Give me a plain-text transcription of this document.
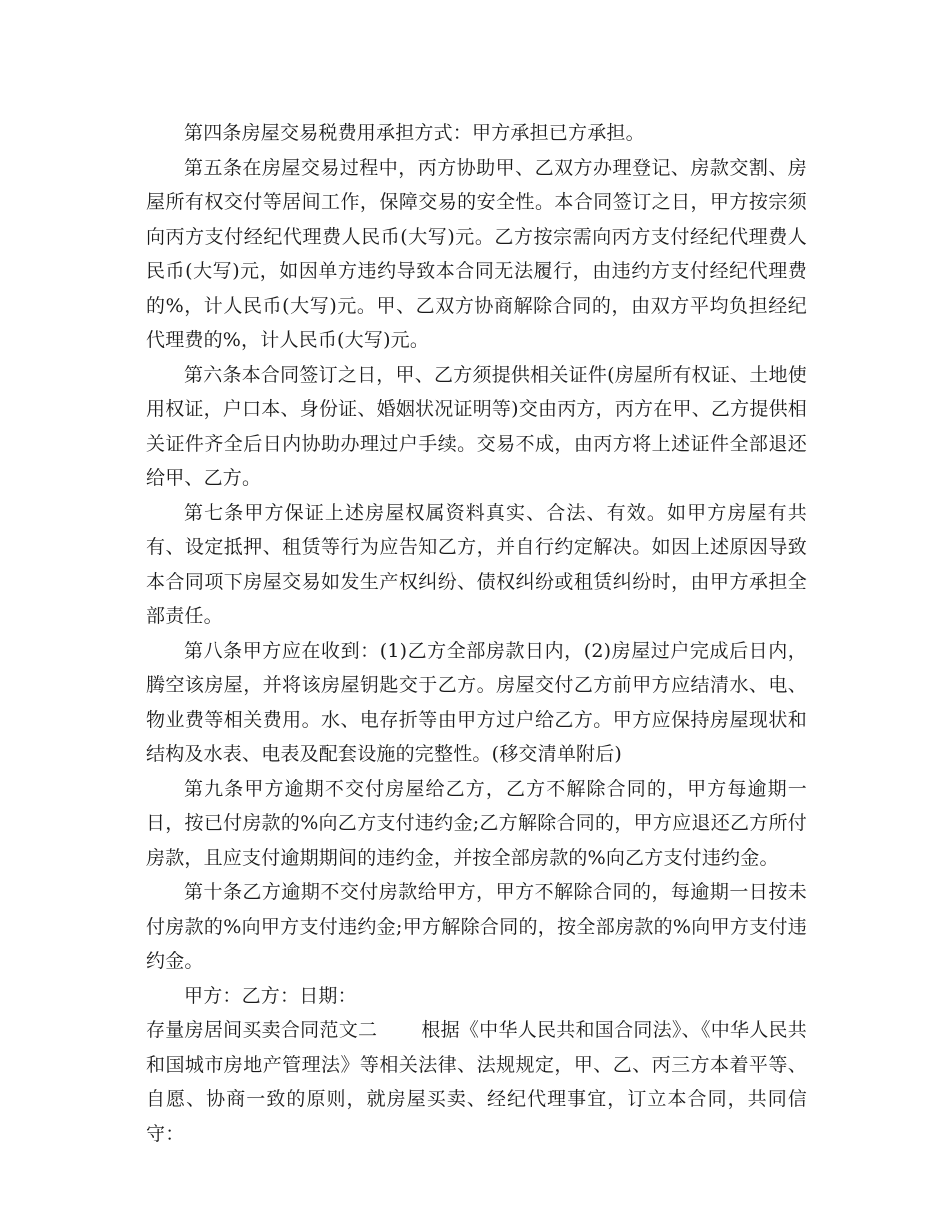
第四条房屋交易税费用承担方式：甲方承担已方承担。

第五条在房屋交易过程中，丙方协助甲、乙双方办理登记、房款交割、房屋所有权交付等居间工作，保障交易的安全性。本合同签订之日，甲方按宗须向丙方支付经纪代理费人民币(大写)元。乙方按宗需向丙方支付经纪代理费人民币(大写)元，如因单方违约导致本合同无法履行，由违约方支付经纪代理费的%，计人民币(大写)元。甲、乙双方协商解除合同的，由双方平均负担经纪代理费的%，计人民币(大写)元。

第六条本合同签订之日，甲、乙方须提供相关证件(房屋所有权证、土地使用权证，户口本、身份证、婚姻状况证明等)交由丙方，丙方在甲、乙方提供相关证件齐全后日内协助办理过户手续。交易不成，由丙方将上述证件全部退还给甲、乙方。

第七条甲方保证上述房屋权属资料真实、合法、有效。如甲方房屋有共有、设定抵押、租赁等行为应告知乙方，并自行约定解决。如因上述原因导致本合同项下房屋交易如发生产权纠纷、债权纠纷或租赁纠纷时，由甲方承担全部责任。

第八条甲方应在收到：(1)乙方全部房款日内，(2)房屋过户完成后日内，腾空该房屋，并将该房屋钥匙交于乙方。房屋交付乙方前甲方应结清水、电、物业费等相关费用。水、电存折等由甲方过户给乙方。甲方应保持房屋现状和结构及水表、电表及配套设施的完整性。(移交清单附后)

第九条甲方逾期不交付房屋给乙方，乙方不解除合同的，甲方每逾期一日，按已付房款的%向乙方支付违约金;乙方解除合同的，甲方应退还乙方所付房款，且应支付逾期期间的违约金，并按全部房款的%向乙方支付违约金。

第十条乙方逾期不交付房款给甲方，甲方不解除合同的，每逾期一日按未付房款的%向甲方支付违约金;甲方解除合同的，按全部房款的%向甲方支付违约金。

甲方：乙方：日期：

存量房居间买卖合同范文二 根据《中华人民共和国合同法》、《中华人民共和国城市房地产管理法》等相关法律、法规规定，甲、乙、丙三方本着平等、自愿、协商一致的原则，就房屋买卖、经纪代理事宜，订立本合同，共同信守：
